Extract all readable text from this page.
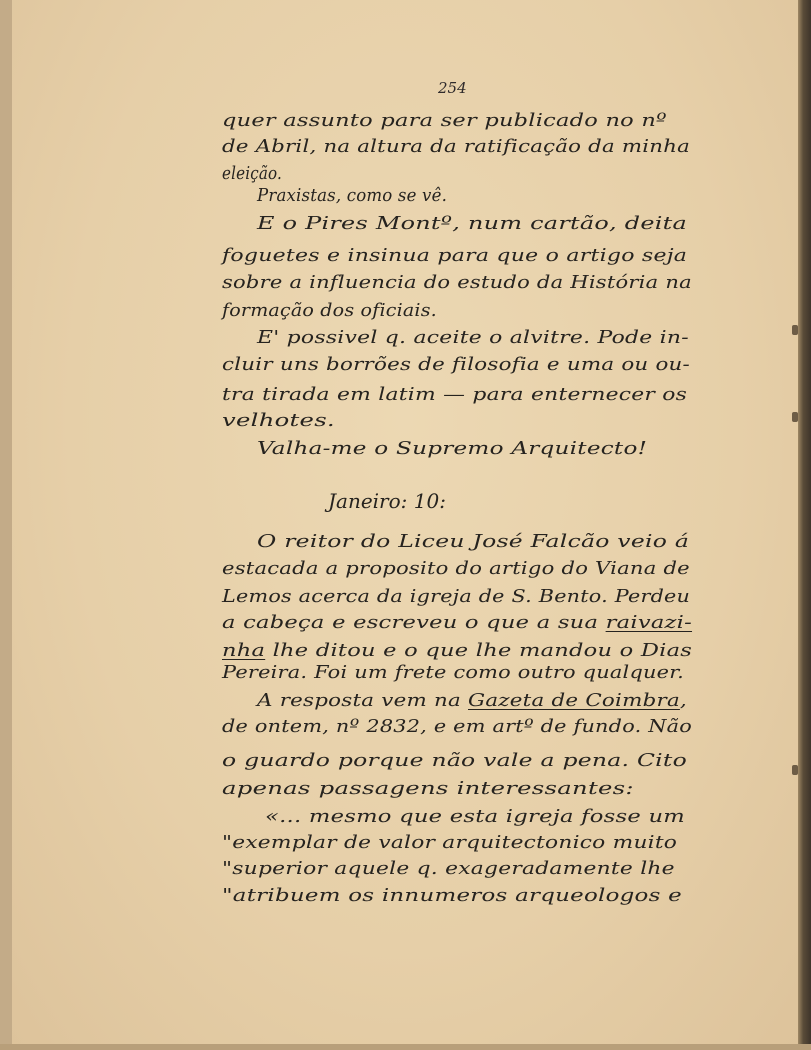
254
quer assunto para ser publicado no nº
de Abril, na altura da ratificação da minha
eleição.
Praxistas, como se vê.
E o Pires Montº, num cartão, deita
foguetes e insinua para que o artigo seja
sobre a influencia do estudo da História na
formação dos oficiais.
E' possivel q. aceite o alvitre. Pode in-
cluir uns borrões de filosofia e uma ou ou-
tra tirada em latim — para enternecer os
velhotes.
Valha-me o Supremo Arquitecto!
Janeiro: 10:
O reitor do Liceu José Falcão veio á
estacada a proposito do artigo do Viana de
Lemos acerca da igreja de S. Bento. Perdeu
a cabeça e escreveu o que a sua raivazi-
nha lhe ditou e o que lhe mandou o Dias
Pereira. Foi um frete como outro qualquer.
A resposta vem na Gazeta de Coimbra,
de ontem, nº 2832, e em artº de fundo. Não
o guardo porque não vale a pena. Cito
apenas passagens interessantes:
«... mesmo que esta igreja fosse um
"exemplar de valor arquitectonico muito
"superior aquele q. exageradamente lhe
"atribuem os innumeros arqueologos e
